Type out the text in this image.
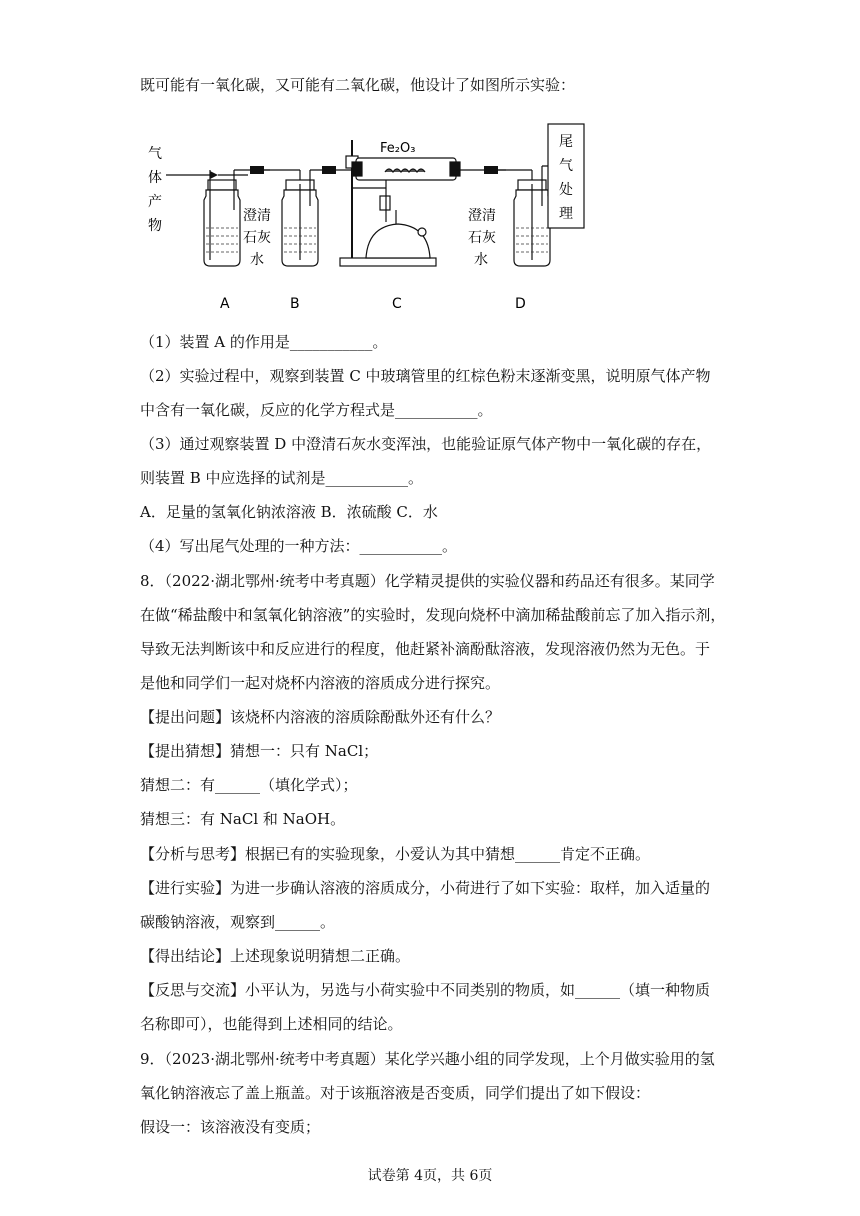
既可能有一氧化碳，又可能有二氧化碳，他设计了如图所示实验：
（1）装置 A 的作用是___________。
（2）实验过程中，观察到装置 C 中玻璃管里的红棕色粉末逐渐变黑，说明原气体产物
中含有一氧化碳，反应的化学方程式是___________。
（3）通过观察装置 D 中澄清石灰水变浑浊，也能验证原气体产物中一氧化碳的存在，
则装置 B 中应选择的试剂是___________。
A．足量的氢氧化钠浓溶液 B．浓硫酸 C．水
（4）写出尾气处理的一种方法：___________。
8．（2022·湖北鄂州·统考中考真题）化学精灵提供的实验仪器和药品还有很多。某同学
在做“稀盐酸中和氢氧化钠溶液”的实验时，发现向烧杯中滴加稀盐酸前忘了加入指示剂，
导致无法判断该中和反应进行的程度，他赶紧补滴酚酞溶液，发现溶液仍然为无色。于
是他和同学们一起对烧杯内溶液的溶质成分进行探究。
【提出问题】该烧杯内溶液的溶质除酚酞外还有什么？
【提出猜想】猜想一：只有 NaCl；
猜想二：有______（填化学式）；
猜想三：有 NaCl 和 NaOH。
【分析与思考】根据已有的实验现象，小爱认为其中猜想______肯定不正确。
【进行实验】为进一步确认溶液的溶质成分，小荷进行了如下实验：取样，加入适量的
碳酸钠溶液，观察到______。
【得出结论】上述现象说明猜想二正确。
【反思与交流】小平认为，另选与小荷实验中不同类别的物质，如______（填一种物质
名称即可），也能得到上述相同的结论。
9．（2023·湖北鄂州·统考中考真题）某化学兴趣小组的同学发现，上个月做实验用的氢
氧化钠溶液忘了盖上瓶盖。对于该瓶溶液是否变质，同学们提出了如下假设：
假设一：该溶液没有变质；
气
体
产
物
澄清
石灰
水
Fe₂O₃
澄清
石灰
水
尾
气
处
理
A	B	C	D
试卷第 4页，共 6页
